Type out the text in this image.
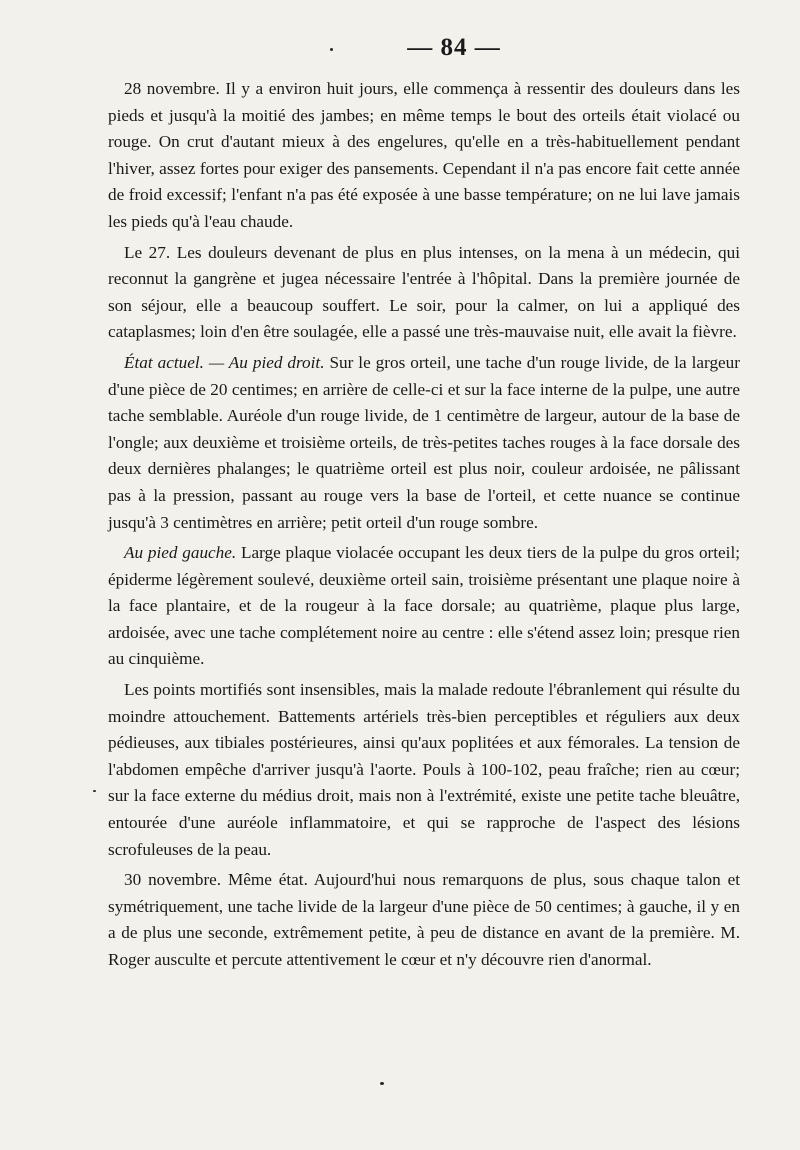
— 84 —

28 novembre. Il y a environ huit jours, elle commença à ressentir des douleurs dans les pieds et jusqu'à la moitié des jambes; en même temps le bout des orteils était violacé ou rouge. On crut d'autant mieux à des engelures, qu'elle en a très-habituellement pendant l'hiver, assez fortes pour exiger des pansements. Cependant il n'a pas encore fait cette année de froid excessif; l'enfant n'a pas été exposée à une basse température; on ne lui lave jamais les pieds qu'à l'eau chaude.

Le 27. Les douleurs devenant de plus en plus intenses, on la mena à un médecin, qui reconnut la gangrène et jugea nécessaire l'entrée à l'hôpital. Dans la première journée de son séjour, elle a beaucoup souffert. Le soir, pour la calmer, on lui a appliqué des cataplasmes; loin d'en être soulagée, elle a passé une très-mauvaise nuit, elle avait la fièvre.

État actuel. — Au pied droit. Sur le gros orteil, une tache d'un rouge livide, de la largeur d'une pièce de 20 centimes; en arrière de celle-ci et sur la face interne de la pulpe, une autre tache semblable. Auréole d'un rouge livide, de 1 centimètre de largeur, autour de la base de l'ongle; aux deuxième et troisième orteils, de très-petites taches rouges à la face dorsale des deux dernières phalanges; le quatrième orteil est plus noir, couleur ardoisée, ne pâlissant pas à la pression, passant au rouge vers la base de l'orteil, et cette nuance se continue jusqu'à 3 centimètres en arrière; petit orteil d'un rouge sombre.

Au pied gauche. Large plaque violacée occupant les deux tiers de la pulpe du gros orteil; épiderme légèrement soulevé, deuxième orteil sain, troisième présentant une plaque noire à la face plantaire, et de la rougeur à la face dorsale; au quatrième, plaque plus large, ardoisée, avec une tache complétement noire au centre : elle s'étend assez loin; presque rien au cinquième.

Les points mortifiés sont insensibles, mais la malade redoute l'ébranlement qui résulte du moindre attouchement. Battements artériels très-bien perceptibles et réguliers aux deux pédieuses, aux tibiales postérieures, ainsi qu'aux poplitées et aux fémorales. La tension de l'abdomen empêche d'arriver jusqu'à l'aorte. Pouls à 100-102, peau fraîche; rien au cœur; sur la face externe du médius droit, mais non à l'extrémité, existe une petite tache bleuâtre, entourée d'une auréole inflammatoire, et qui se rapproche de l'aspect des lésions scrofuleuses de la peau.

30 novembre. Même état. Aujourd'hui nous remarquons de plus, sous chaque talon et symétriquement, une tache livide de la largeur d'une pièce de 50 centimes; à gauche, il y en a de plus une seconde, extrêmement petite, à peu de distance en avant de la première. M. Roger ausculte et percute attentivement le cœur et n'y découvre rien d'anormal.
